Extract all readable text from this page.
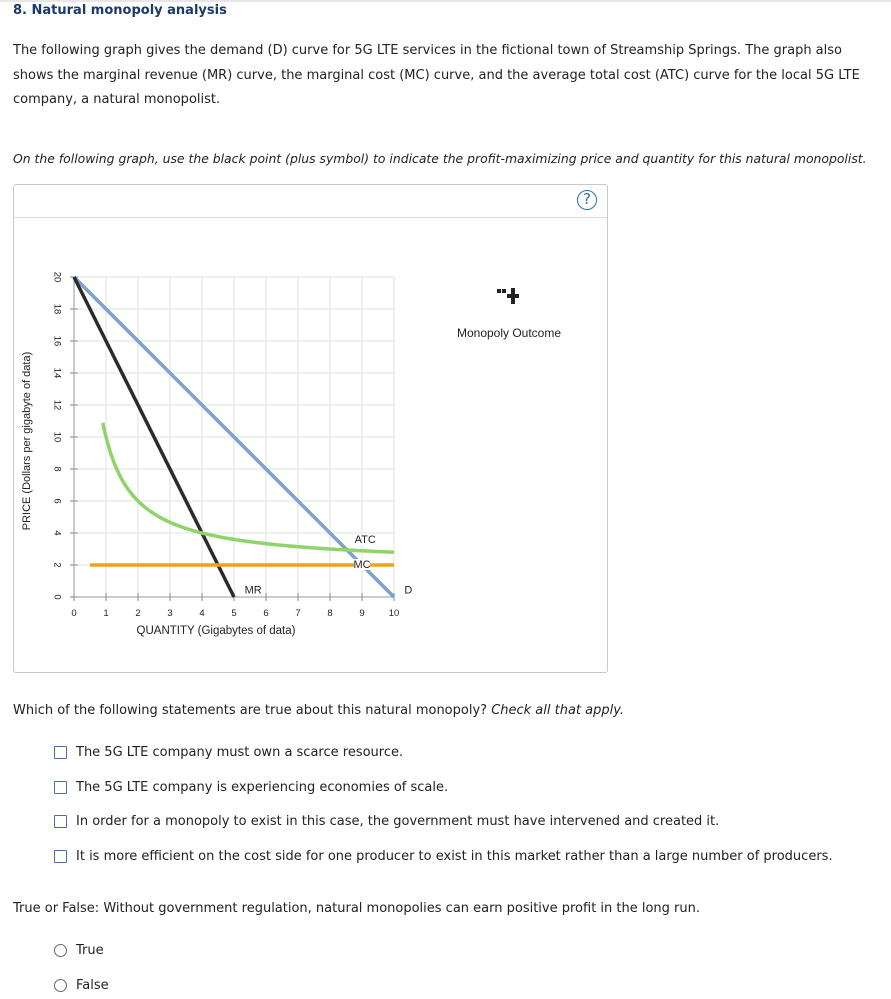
8. Natural monopoly analysis
The following graph gives the demand (D) curve for 5G LTE services in the fictional town of Streamship Springs. The graph also shows the marginal revenue (MR) curve, the marginal cost (MC) curve, and the average total cost (ATC) curve for the local 5G LTE company, a natural monopolist.
On the following graph, use the black point (plus symbol) to indicate the profit-maximizing price and quantity for this natural monopolist.
?
0	1	2	3	4	5	6	7	8	9	10
0
2
4
6
8
10
12
14
16
18
20
QUANTITY (Gigabytes of data)
PRICE (Dollars per gigabyte of data)
D
MR
MC
ATC
Monopoly Outcome
Which of the following statements are true about this natural monopoly? Check all that apply.
The 5G LTE company must own a scarce resource.
The 5G LTE company is experiencing economies of scale.
In order for a monopoly to exist in this case, the government must have intervened and created it.
It is more efficient on the cost side for one producer to exist in this market rather than a large number of producers.
True or False: Without government regulation, natural monopolies can earn positive profit in the long run.
True
False
